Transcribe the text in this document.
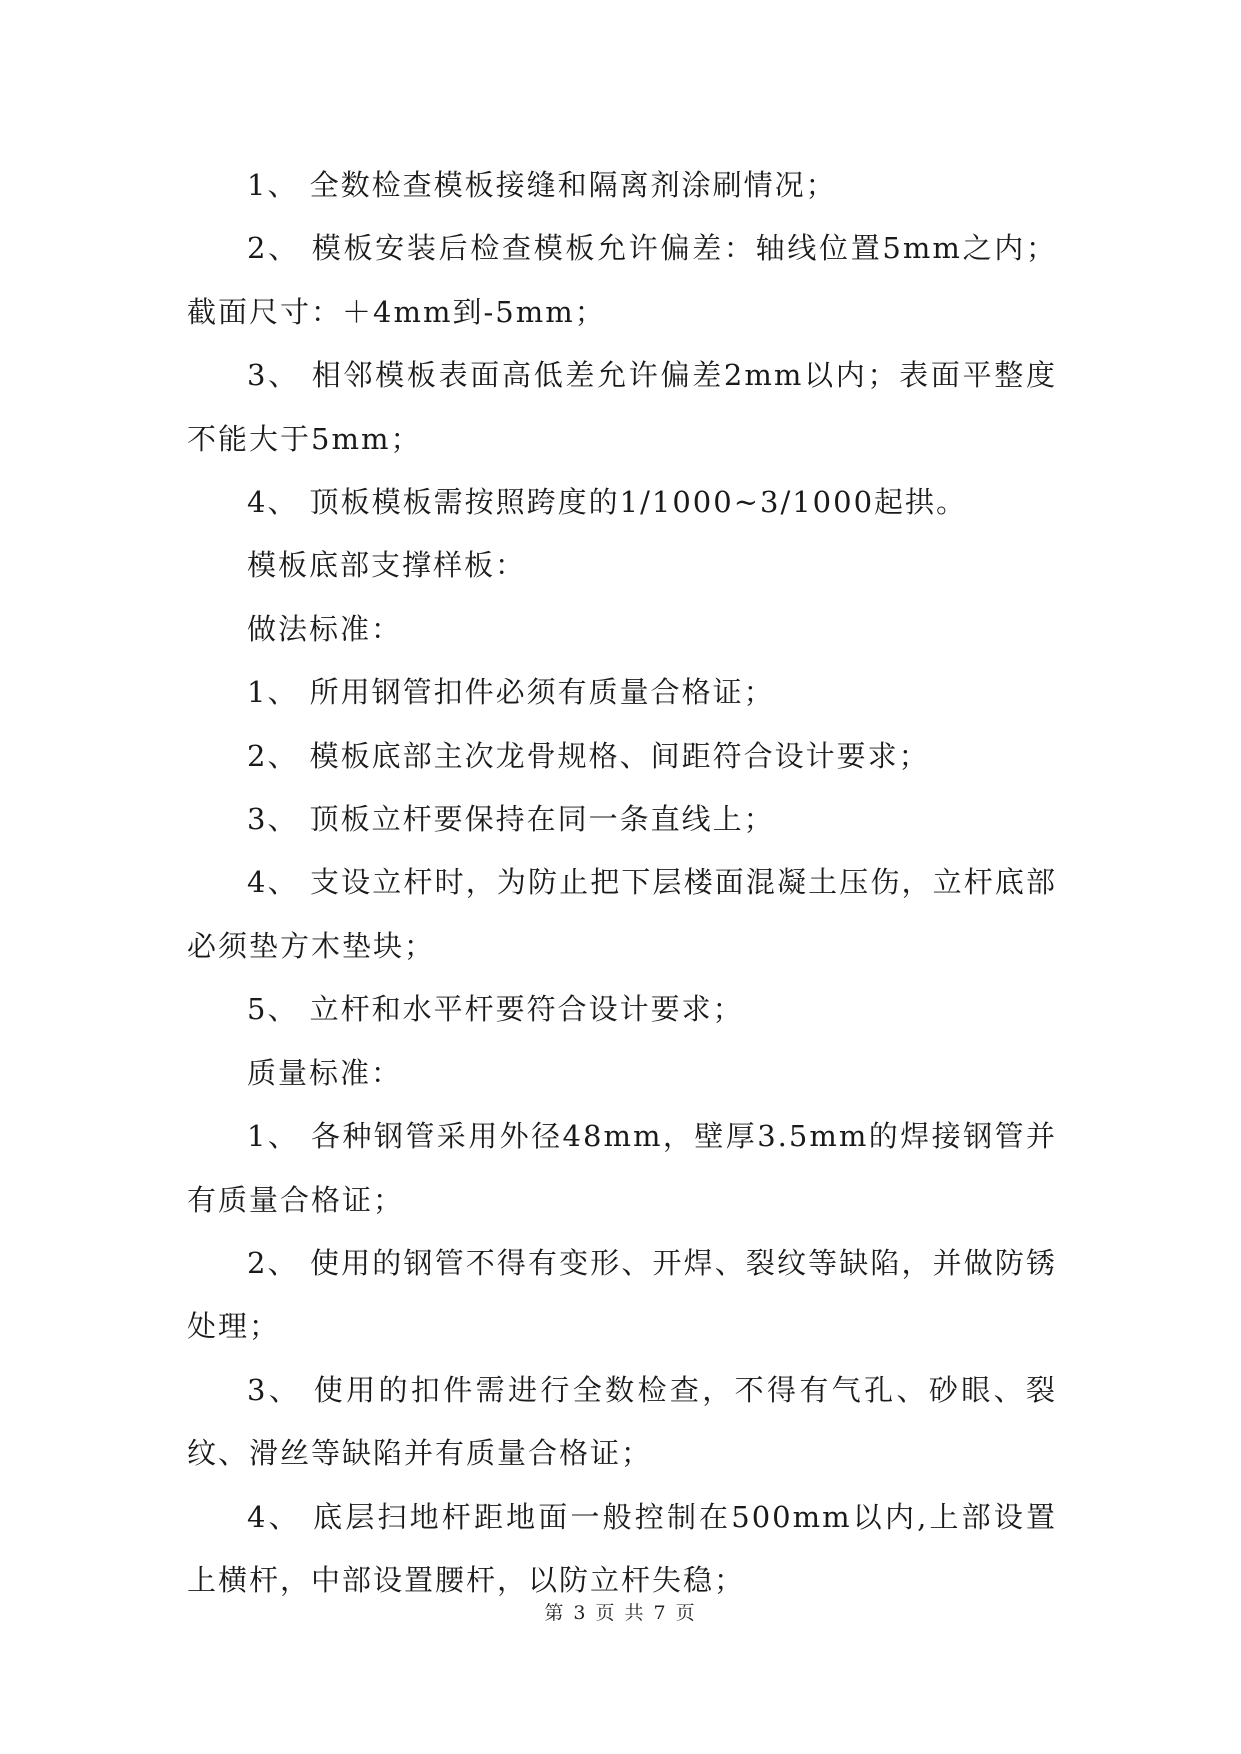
1、 全数检查模板接缝和隔离剂涂刷情况；

2、 模板安装后检查模板允许偏差：轴线位置5mm之内；截面尺寸：＋4mm到-5mm；

3、 相邻模板表面高低差允许偏差2mm以内；表面平整度不能大于5mm；

4、 顶板模板需按照跨度的1/1000~3/1000起拱。

模板底部支撑样板：

做法标准：

1、 所用钢管扣件必须有质量合格证；

2、 模板底部主次龙骨规格、间距符合设计要求；

3、 顶板立杆要保持在同一条直线上；

4、 支设立杆时，为防止把下层楼面混凝土压伤，立杆底部必须垫方木垫块；

5、 立杆和水平杆要符合设计要求；

质量标准：

1、 各种钢管采用外径48mm，壁厚3.5mm的焊接钢管并有质量合格证；

2、 使用的钢管不得有变形、开焊、裂纹等缺陷，并做防锈处理；

3、 使用的扣件需进行全数检查，不得有气孔、砂眼、裂纹、滑丝等缺陷并有质量合格证；

4、 底层扫地杆距地面一般控制在500mm以内,上部设置上横杆，中部设置腰杆，以防立杆失稳；

第 3 页 共 7 页
